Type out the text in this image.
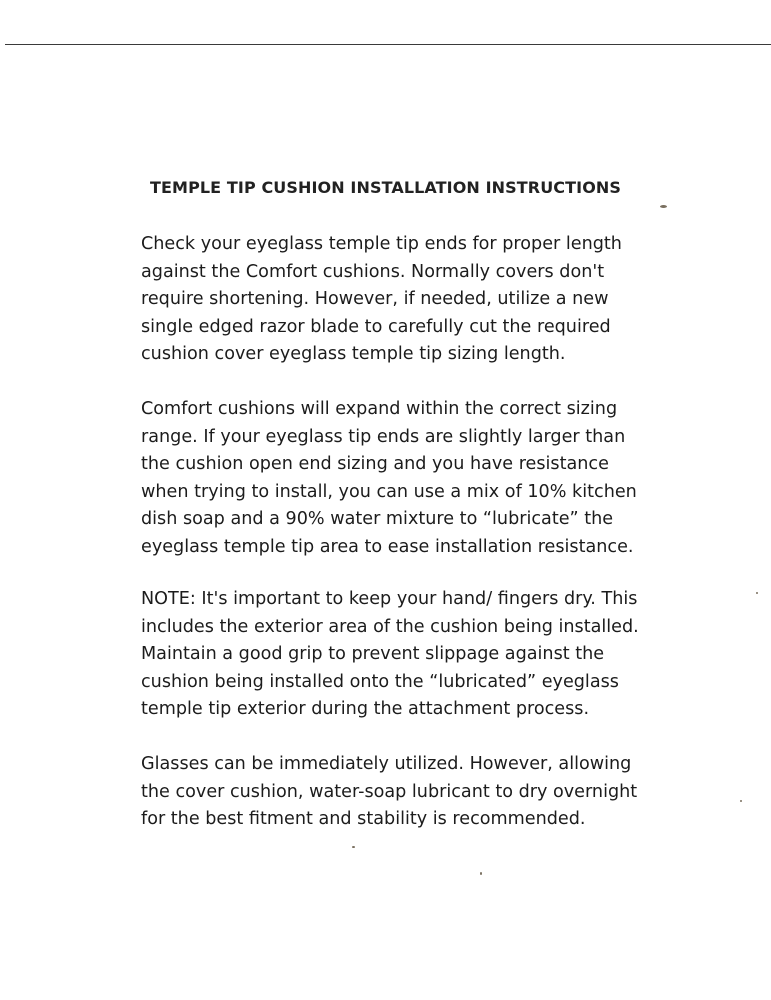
TEMPLE TIP CUSHION INSTALLATION INSTRUCTIONS
Check your eyeglass temple tip ends for proper length
against the Comfort cushions. Normally covers don't
require shortening. However, if needed, utilize a new
single edged razor blade to carefully cut the required
cushion cover eyeglass temple tip sizing length.
Comfort cushions will expand within the correct sizing
range. If your eyeglass tip ends are slightly larger than
the cushion open end sizing and you have resistance
when trying to install, you can use a mix of 10% kitchen
dish soap and a 90% water mixture to “lubricate” the
eyeglass temple tip area to ease installation resistance.
NOTE: It's important to keep your hand/ fingers dry. This
includes the exterior area of the cushion being installed.
Maintain a good grip to prevent slippage against the
cushion being installed onto the “lubricated” eyeglass
temple tip exterior during the attachment process.
Glasses can be immediately utilized. However, allowing
the cover cushion, water-soap lubricant to dry overnight
for the best fitment and stability is recommended.
